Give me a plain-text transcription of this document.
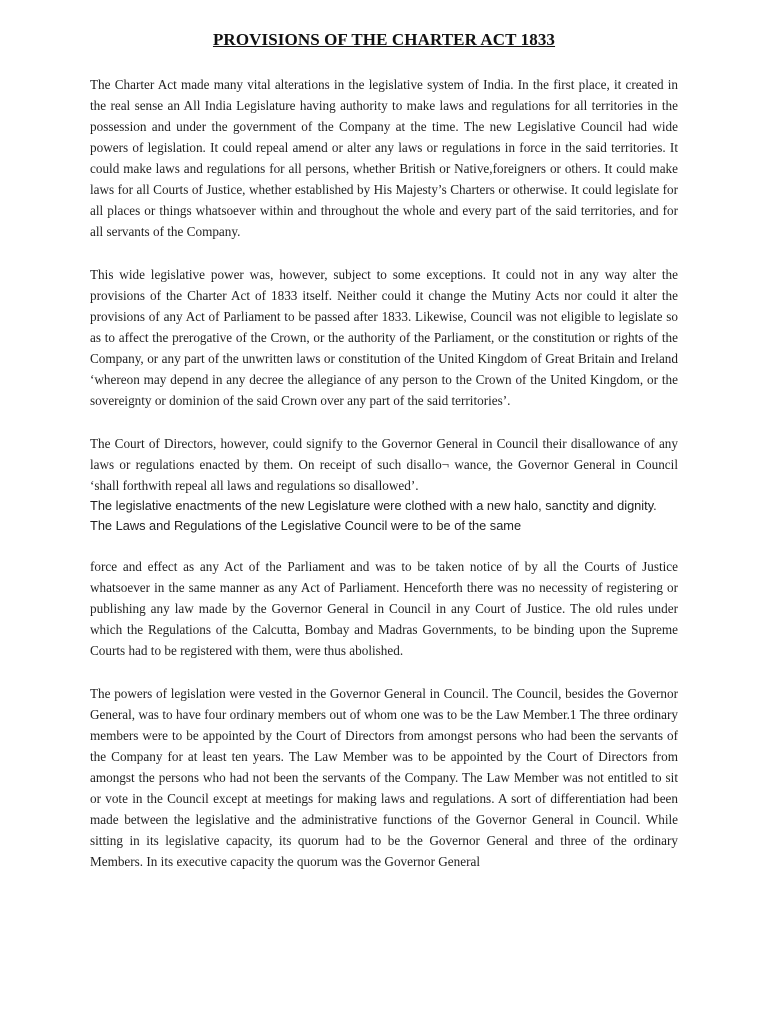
PROVISIONS OF THE CHARTER ACT 1833

The Charter Act made many vital alterations in the legislative system of India. In the first place, it created in the real sense an All India Legislature having authority to make laws and regulations for all territories in the possession and under the government of the Company at the time. The new Legislative Council had wide powers of legislation. It could repeal amend or alter any laws or regulations in force in the said territories. It could make laws and regulations for all persons, whether British or Native,foreigners or others. It could make laws for all Courts of Justice, whether established by His Majesty’s Charters or otherwise. It could legislate for all places or things whatsoever within and throughout the whole and every part of the said territories, and for all servants of the Company.

This wide legislative power was, however, subject to some exceptions. It could not in any way alter the provisions of the Charter Act of 1833 itself. Neither could it change the Mutiny Acts nor could it alter the provisions of any Act of Parliament to be passed after 1833. Likewise, Council was not eligible to legislate so as to affect the prerogative of the Crown, or the authority of the Parliament, or the constitution or rights of the Company, or any part of the unwritten laws or constitution of the United Kingdom of Great Britain and Ireland ‘whereon may depend in any decree the allegiance of any person to the Crown of the United Kingdom, or the sovereignty or dominion of the said Crown over any part of the said territories’.

The Court of Directors, however, could signify to the Governor General in Council their disallowance of any laws or regulations enacted by them. On receipt of such disallo¬ wance, the Governor General in Council ‘shall forthwith repeal all laws and regulations so disallowed’.

The legislative enactments of the new Legislature were clothed with a new halo, sanctity and dignity. The Laws and Regulations of the Legislative Council were to be of the same

force and effect as any Act of the Parliament and was to be taken notice of by all the Courts of Justice whatsoever in the same manner as any Act of Parliament. Henceforth there was no necessity of registering or publishing any law made by the Governor General in Council in any Court of Justice. The old rules under which the Regulations of the Calcutta, Bombay and Madras Governments, to be binding upon the Supreme Courts had to be registered with them, were thus abolished.

The powers of legislation were vested in the Governor General in Council. The Council, besides the Governor General, was to have four ordinary members out of whom one was to be the Law Member.1 The three ordinary members were to be appointed by the Court of Directors from amongst persons who had been the servants of the Company for at least ten years. The Law Member was to be appointed by the Court of Directors from amongst the persons who had not been the servants of the Company. The Law Member was not entitled to sit or vote in the Council except at meetings for making laws and regulations. A sort of differentiation had been made between the legislative and the administrative functions of the Governor General in Council. While sitting in its legislative capacity, its quorum had to be the Governor General and three of the ordinary Members. In its executive capacity the quorum was the Governor General
